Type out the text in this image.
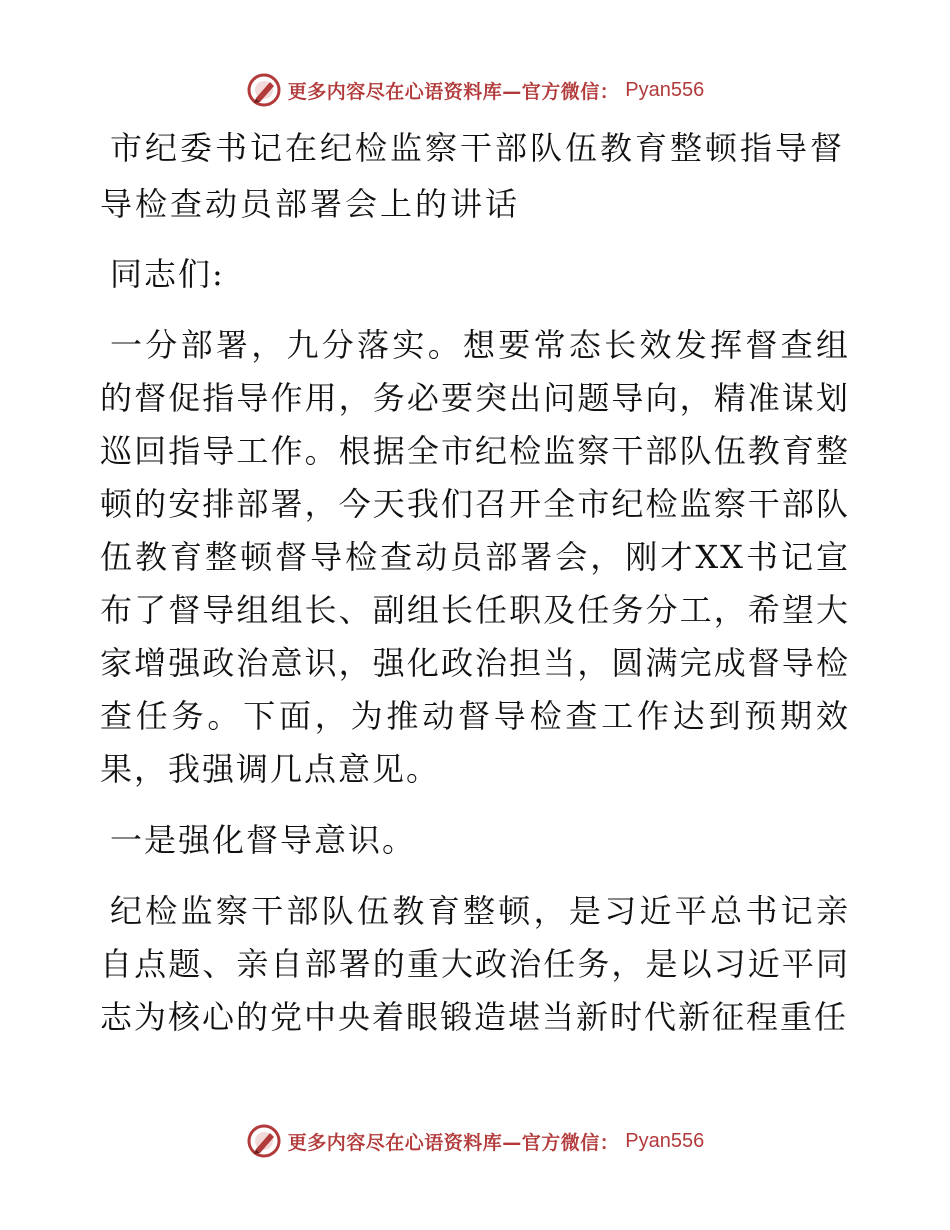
更多内容尽在心语资料库—官方微信： Pyan556
市纪委书记在纪检监察干部队伍教育整顿指导督导检查动员部署会上的讲话

同志们:

一分部署，九分落实。想要常态长效发挥督查组的督促指导作用，务必要突出问题导向，精准谋划巡回指导工作。根据全市纪检监察干部队伍教育整顿的安排部署，今天我们召开全市纪检监察干部队伍教育整顿督导检查动员部署会，刚才XX书记宣布了督导组组长、副组长任职及任务分工，希望大家增强政治意识，强化政治担当，圆满完成督导检查任务。下面，为推动督导检查工作达到预期效果，我强调几点意见。

一是强化督导意识。

纪检监察干部队伍教育整顿，是习近平总书记亲自点题、亲自部署的重大政治任务，是以习近平同志为核心的党中央着眼锻造堪当新时代新征程重任

更多内容尽在心语资料库—官方微信： Pyan556
